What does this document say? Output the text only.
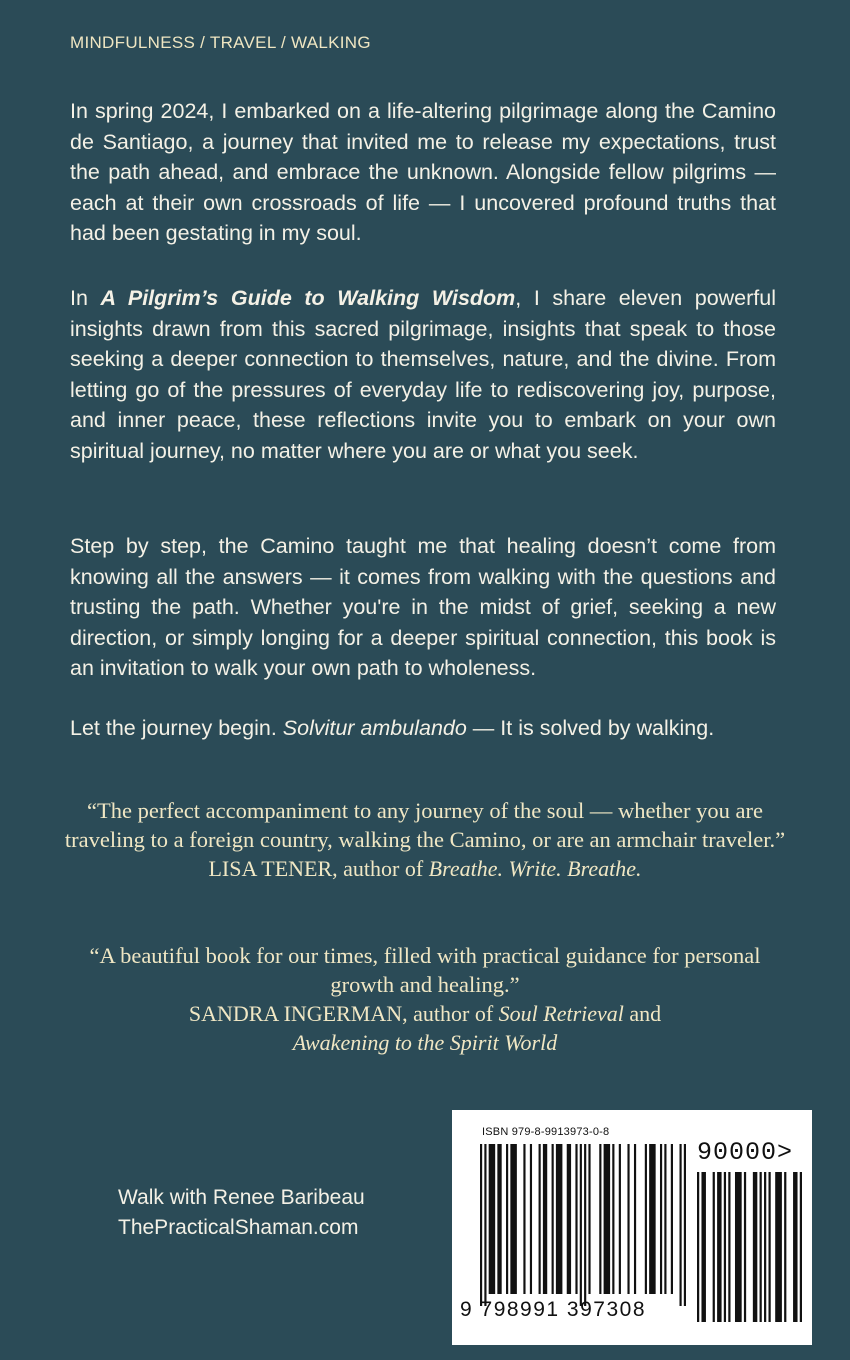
MINDFULNESS / TRAVEL / WALKING

In spring 2024, I embarked on a life-altering pilgrimage along the Camino de Santiago, a journey that invited me to release my expectations, trust the path ahead, and embrace the unknown. Alongside fellow pilgrims — each at their own crossroads of life — I uncovered profound truths that had been gestating in my soul.

In A Pilgrim’s Guide to Walking Wisdom, I share eleven powerful insights drawn from this sacred pilgrimage, insights that speak to those seeking a deeper connection to themselves, nature, and the divine. From letting go of the pressures of everyday life to rediscovering joy, purpose, and inner peace, these reflections invite you to embark on your own spiritual journey, no matter where you are or what you seek.

Step by step, the Camino taught me that healing doesn’t come from knowing all the answers — it comes from walking with the questions and trusting the path. Whether you're in the midst of grief, seeking a new direction, or simply longing for a deeper spiritual connection, this book is an invitation to walk your own path to wholeness.

Let the journey begin. Solvitur ambulando — It is solved by walking.

“The perfect accompaniment to any journey of the soul — whether you are traveling to a foreign country, walking the Camino, or are an armchair traveler.”
LISA TENER, author of Breathe. Write. Breathe.
“A beautiful book for our times, filled with practical guidance for personal growth and healing.”
SANDRA INGERMAN, author of Soul Retrieval and
Awakening to the Spirit World
Walk with Renee Baribeau
ThePracticalShaman.com
ISBN 979-8-9913973-0-8
90000>
9 798991 397308
